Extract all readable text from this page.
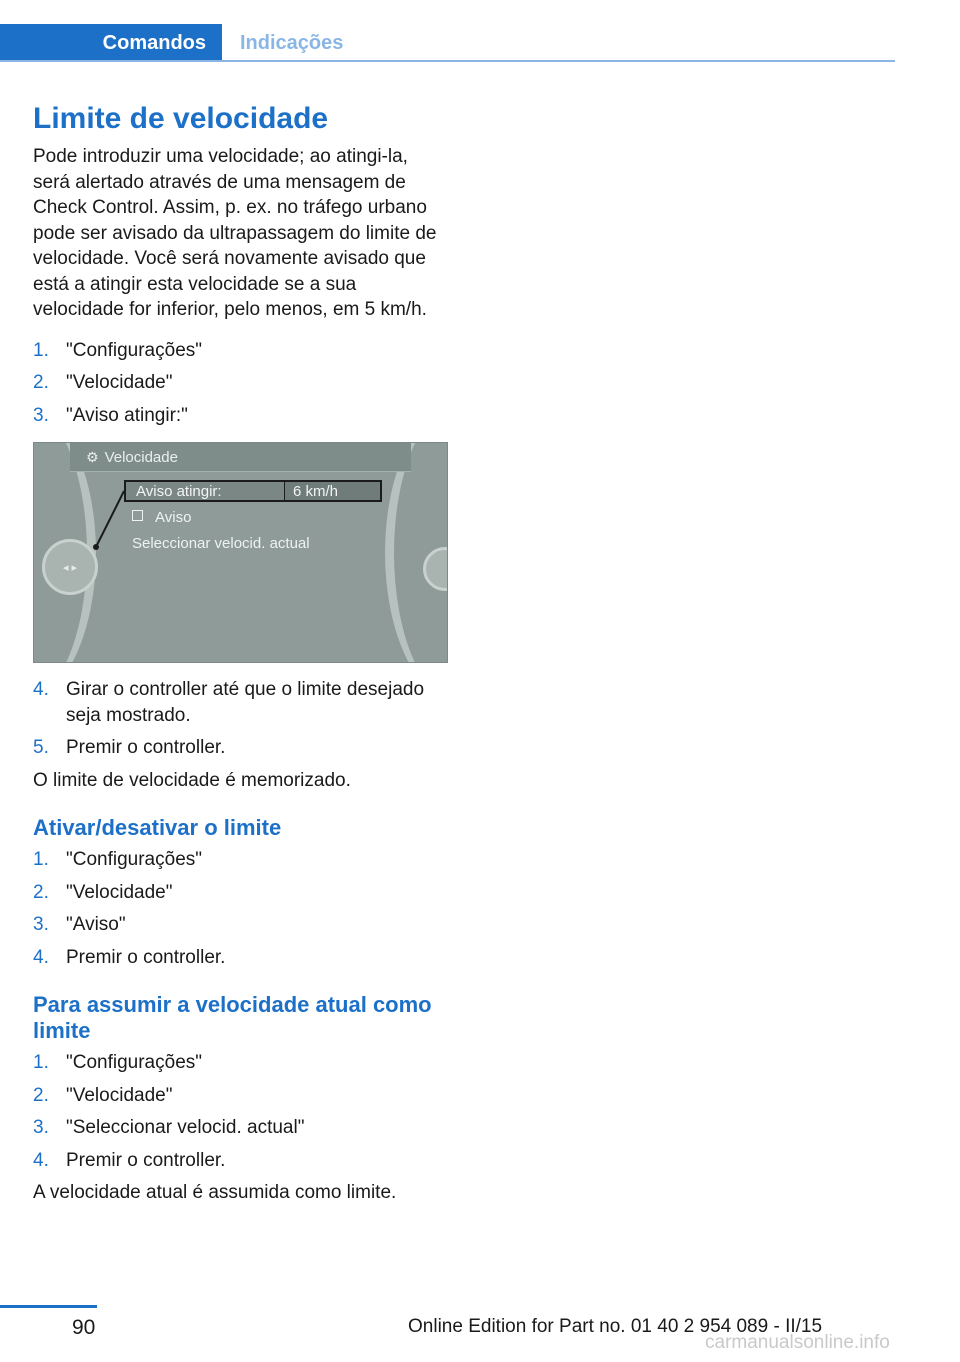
Comandos	Indicações
Limite de velocidade

Pode introduzir uma velocidade; ao atingi-la, será alertado através de uma mensagem de Check Control. Assim, p. ex. no tráfego urbano pode ser avisado da ultrapassagem do limite de velocidade. Você será novamente avisado que está a atingir esta velocidade se a sua velocidade for inferior, pelo menos, em 5 km/h.

1. "Configurações"
2. "Velocidade"
3. "Aviso atingir:"
⚙ Velocidade
◂ ▸
Aviso atingir:	6 km/h
Aviso
Seleccionar velocid. actual
4. Girar o controller até que o limite desejado seja mostrado.
5. Premir o controller.

O limite de velocidade é memorizado.

Ativar/desativar o limite
1. "Configurações"
2. "Velocidade"
3. "Aviso"
4. Premir o controller.
Para assumir a velocidade atual como limite
1. "Configurações"
2. "Velocidade"
3. "Seleccionar velocid. actual"
4. Premir o controller.

A velocidade atual é assumida como limite.

90	Online Edition for Part no. 01 40 2 954 089 - II/15
carmanualsonline.info
